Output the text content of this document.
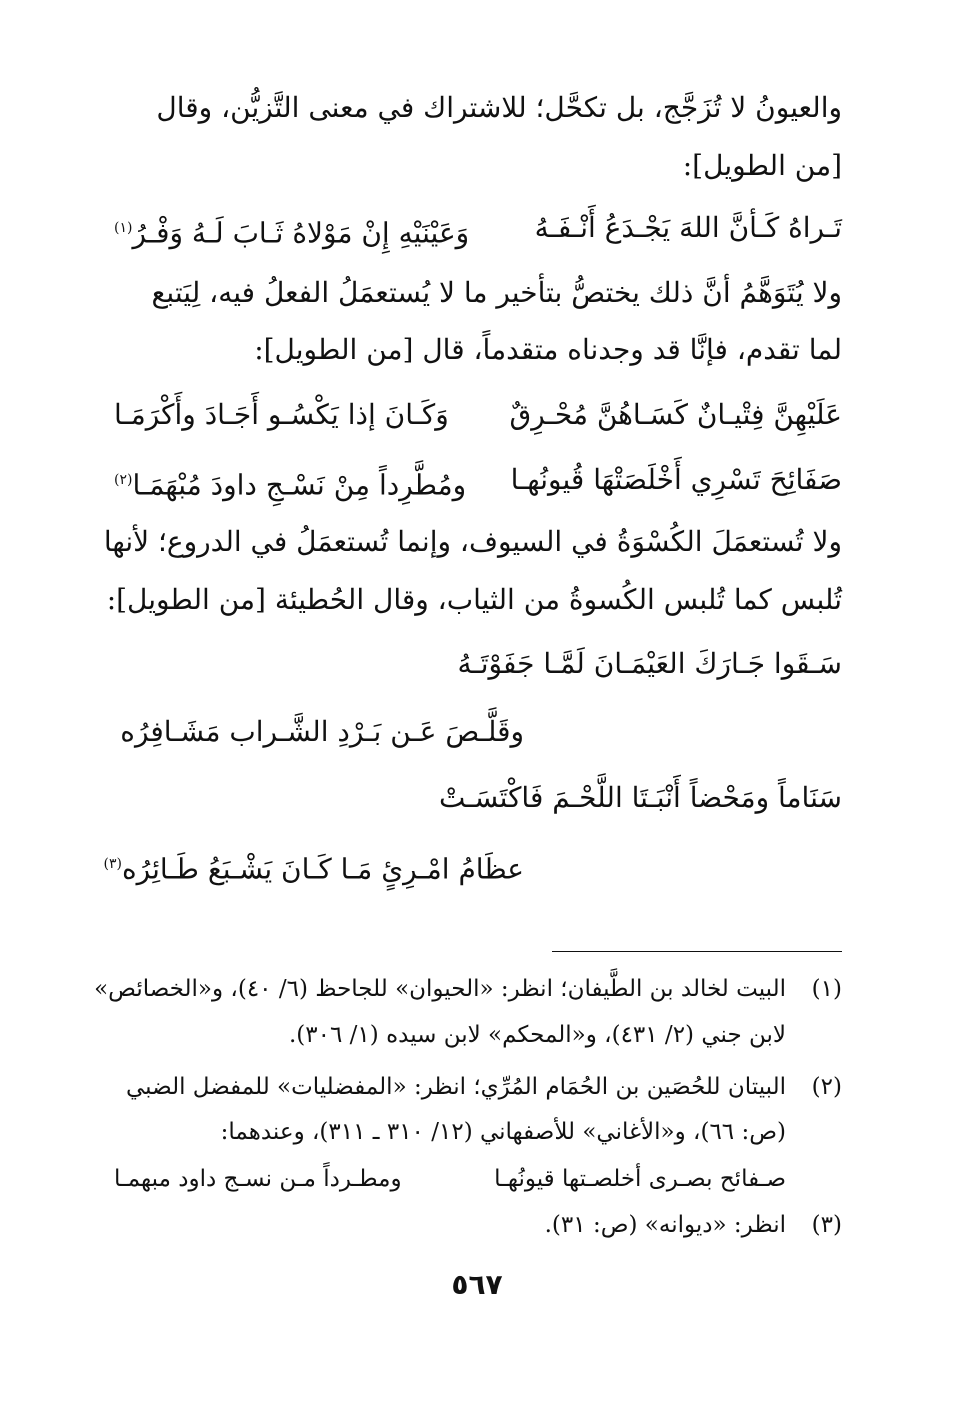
والعيونُ لا تُزَجَّج، بل تكحَّل؛ للاشتراك في معنى التَّزيُّن، وقال
[من الطويل]:
تَـراهُ كَـأنَّ اللهَ يَجْـدَعُ أَنْـفَـهُ
وَعَيْنَيْهِ إِنْ مَوْلاهُ ثَـابَ لَـهُ وَفْـرُ$^{(١)}$
ولا يُتَوَهَّمُ أنَّ ذلك يختصُّ بتأخير ما لا يُستعمَلُ الفعلُ فيه، لِيَتبع
لما تقدم، فإنَّا قد وجدناه متقدماً، قال [من الطويل]:
عَلَيْهِنَّ فِتْيـانٌ كَسَـاهُنَّ مُحْـرِقٌ
وَكَـانَ إذا يَكْسُـو أَجَـادَ وأَكْرَمَـا
صَفَائِحَ تَسْرِي أَخْلَصَتْهَا قُيونُهـا
ومُطَّرِداً مِنْ نَسْـجِ داودَ مُبْهَمَـا$^{(٢)}$
ولا تُستعمَلَ الكُسْوَةُ في السيوف، وإنما تُستعمَلُ في الدروع؛ لأنها
تُلبس كما تُلبس الكُسوةُ من الثياب، وقال الحُطيئة [من الطويل]:
سَـقَوا جَـارَكَ العَيْمَـانَ لَمَّـا جَفَوْتَـهُ
وقَلَّـصَ عَـن بَـرْدِ الشَّـراب مَشَـافِرُه
سَنَاماً ومَحْضاً أَنْبَـتَا اللَّحْـمَ فَاكْتَسَـتْ
عظَامُ امْـرِئٍ مَـا كَـانَ يَشْـبَعُ طَـائِرُه$^{(٣)}$
(١)البيت لخالد بن الطَّيفان؛ انظر: «الحيوان» للجاحظ (٦/ ٤٠)، و«الخصائص»
لابن جني (٢/ ٤٣١)، و«المحكم» لابن سيده (١/ ٣٠٦).
(٢)البيتان للحُصَين بن الحُمَام المُرِّي؛ انظر: «المفضليات» للمفضل الضبي
(ص: ٦٦)، و«الأغاني» للأصفهاني (١٢/ ٣١٠ ـ ٣١١)، وعندهما:
صـفائح بصـرى أخلصـتها قيونُهـا
ومطـرداً مـن نسـج داود مبهمـا
(٣)انظر: «ديوانه» (ص: ٣١).
٥٦٧
